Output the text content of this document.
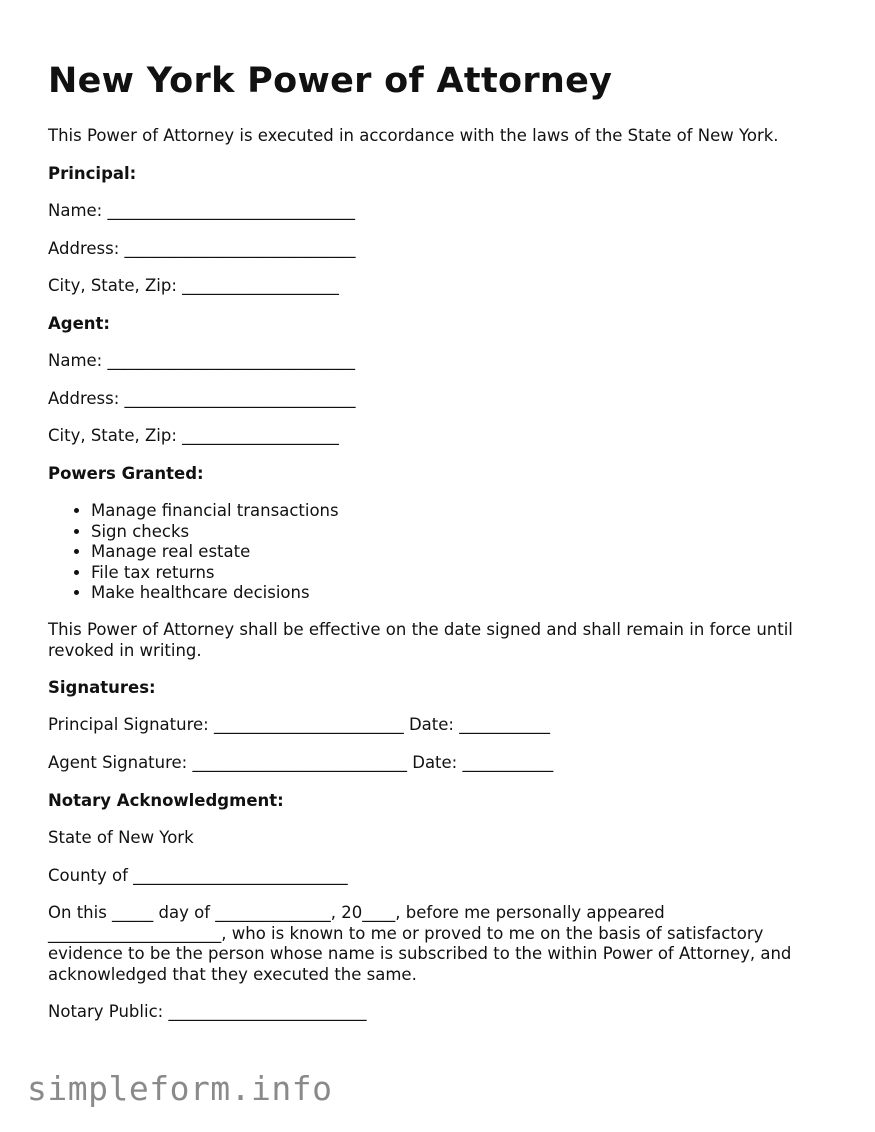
New York Power of Attorney

This Power of Attorney is executed in accordance with the laws of the State of New York.

Principal:

Name: ______________________________

Address: ____________________________

City, State, Zip: ___________________

Agent:

Name: ______________________________

Address: ____________________________

City, State, Zip: ___________________

Powers Granted:

• Manage financial transactions
• Sign checks
• Manage real estate
• File tax returns
• Make healthcare decisions
This Power of Attorney shall be effective on the date signed and shall remain in force until
revoked in writing.

Signatures:

Principal Signature: _______________________ Date: ___________

Agent Signature: __________________________ Date: ___________

Notary Acknowledgment:

State of New York

County of __________________________

On this _____ day of ______________, 20____, before me personally appeared
_____________________, who is known to me or proved to me on the basis of satisfactory
evidence to be the person whose name is subscribed to the within Power of Attorney, and
acknowledged that they executed the same.

Notary Public: ________________________

simpleform.info
